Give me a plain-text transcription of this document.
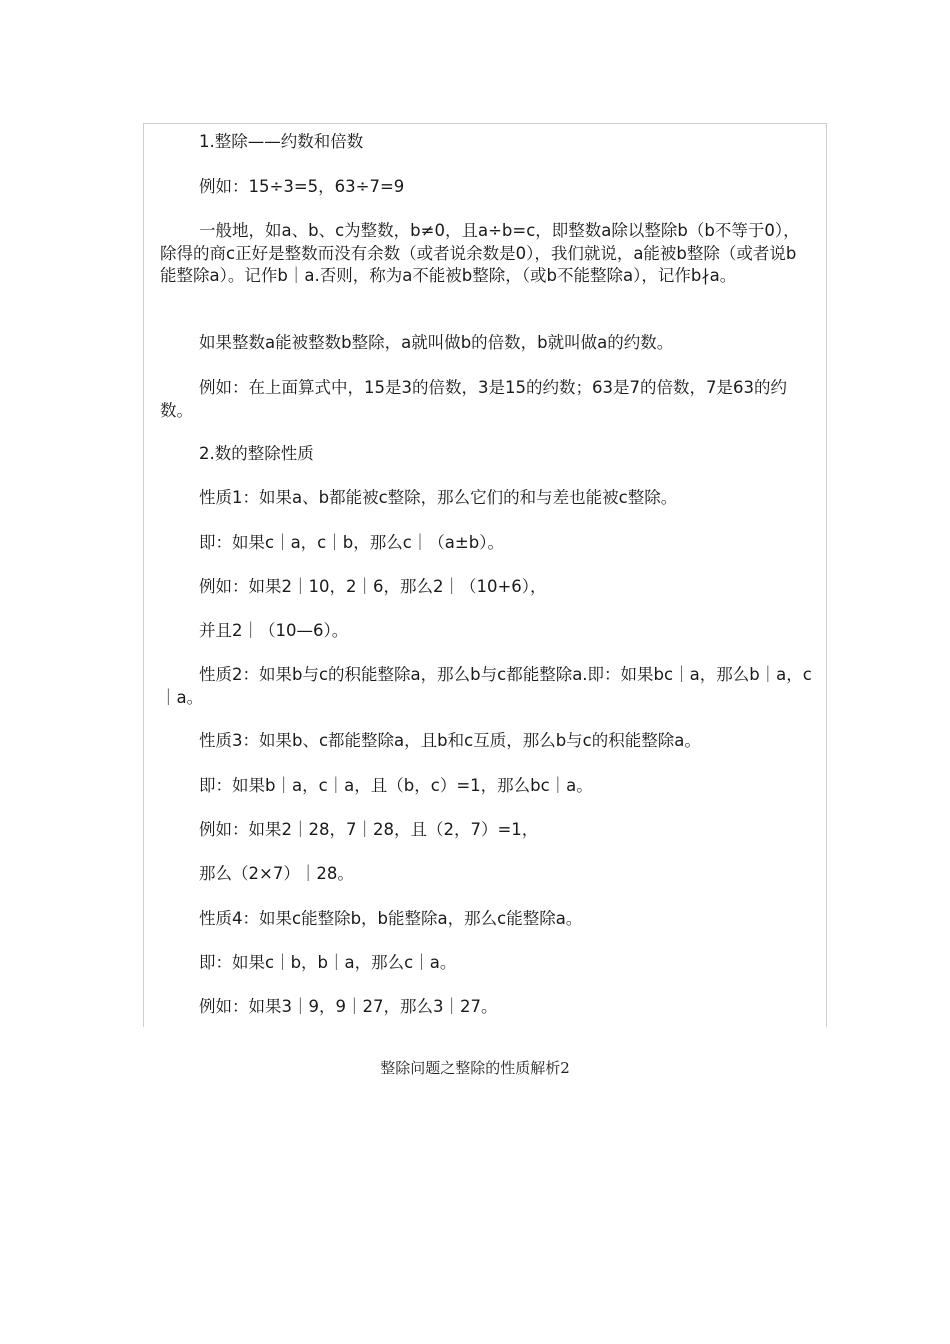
1.整除——约数和倍数

例如：15÷3=5，63÷7=9

一般地，如a、b、c为整数，b≠0，且a÷b=c，即整数a除以整除b（b不等于0），除得的商c正好是整数而没有余数（或者说余数是0），我们就说，a能被b整除（或者说b能整除a）。记作b｜a.否则，称为a不能被b整除，（或b不能整除a），记作b∤a。

如果整数a能被整数b整除，a就叫做b的倍数，b就叫做a的约数。

例如：在上面算式中，15是3的倍数，3是15的约数；63是7的倍数，7是63的约数。

2.数的整除性质

性质1：如果a、b都能被c整除，那么它们的和与差也能被c整除。

即：如果c｜a，c｜b，那么c｜（a±b）。

例如：如果2｜10，2｜6，那么2｜（10+6），

并且2｜（10—6）。

性质2：如果b与c的积能整除a，那么b与c都能整除a.即：如果bc｜a，那么b｜a，c｜a。

性质3：如果b、c都能整除a，且b和c互质，那么b与c的积能整除a。

即：如果b｜a，c｜a，且（b，c）=1，那么bc｜a。

例如：如果2｜28，7｜28，且（2，7）=1，

那么（2×7）｜28。

性质4：如果c能整除b，b能整除a，那么c能整除a。

即：如果c｜b，b｜a，那么c｜a。

例如：如果3｜9，9｜27，那么3｜27。

整除问题之整除的性质解析2
